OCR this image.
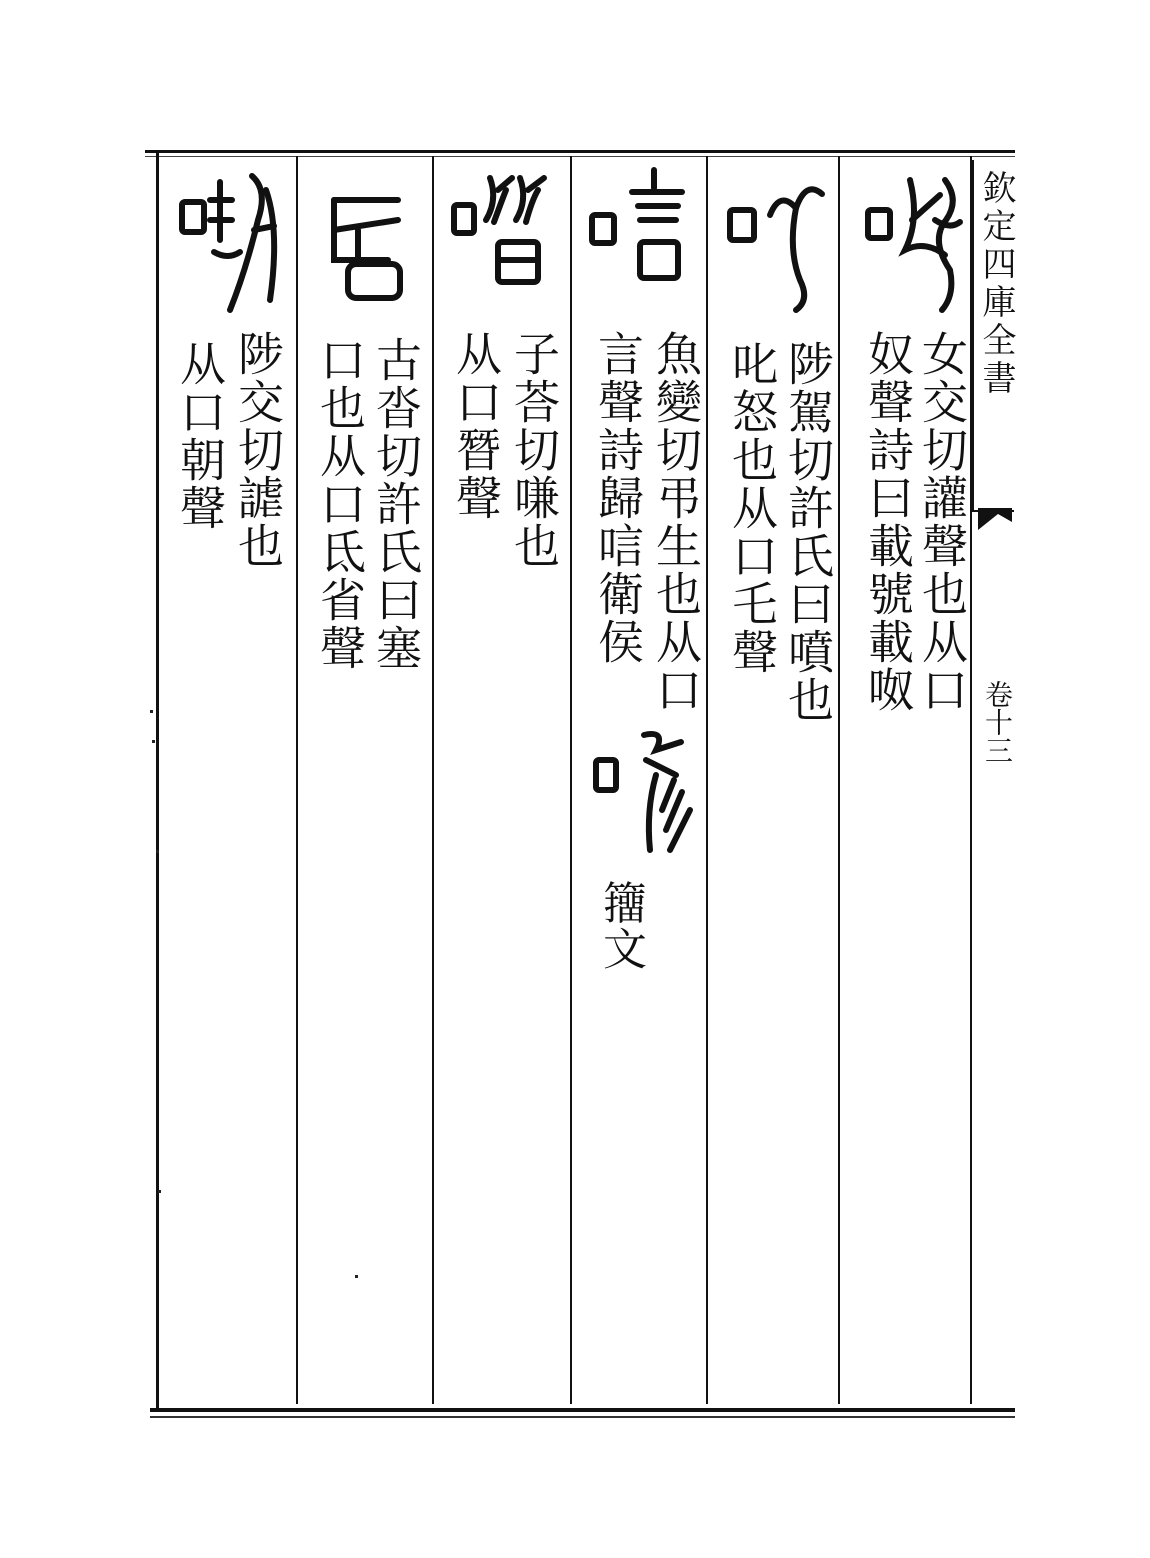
欽定四庫全書
卷十三
女交切讙聲也从口
奴聲詩曰載號載呶
陟駕切許氏曰噴也
叱怒也从口乇聲
魚變切弔生也从口
言聲詩歸唁衛侯
籒文
子荅切嗛也
从口朁聲
古沓切許氏曰塞
口也从口氐省聲
陟交切謔也
从口朝聲
